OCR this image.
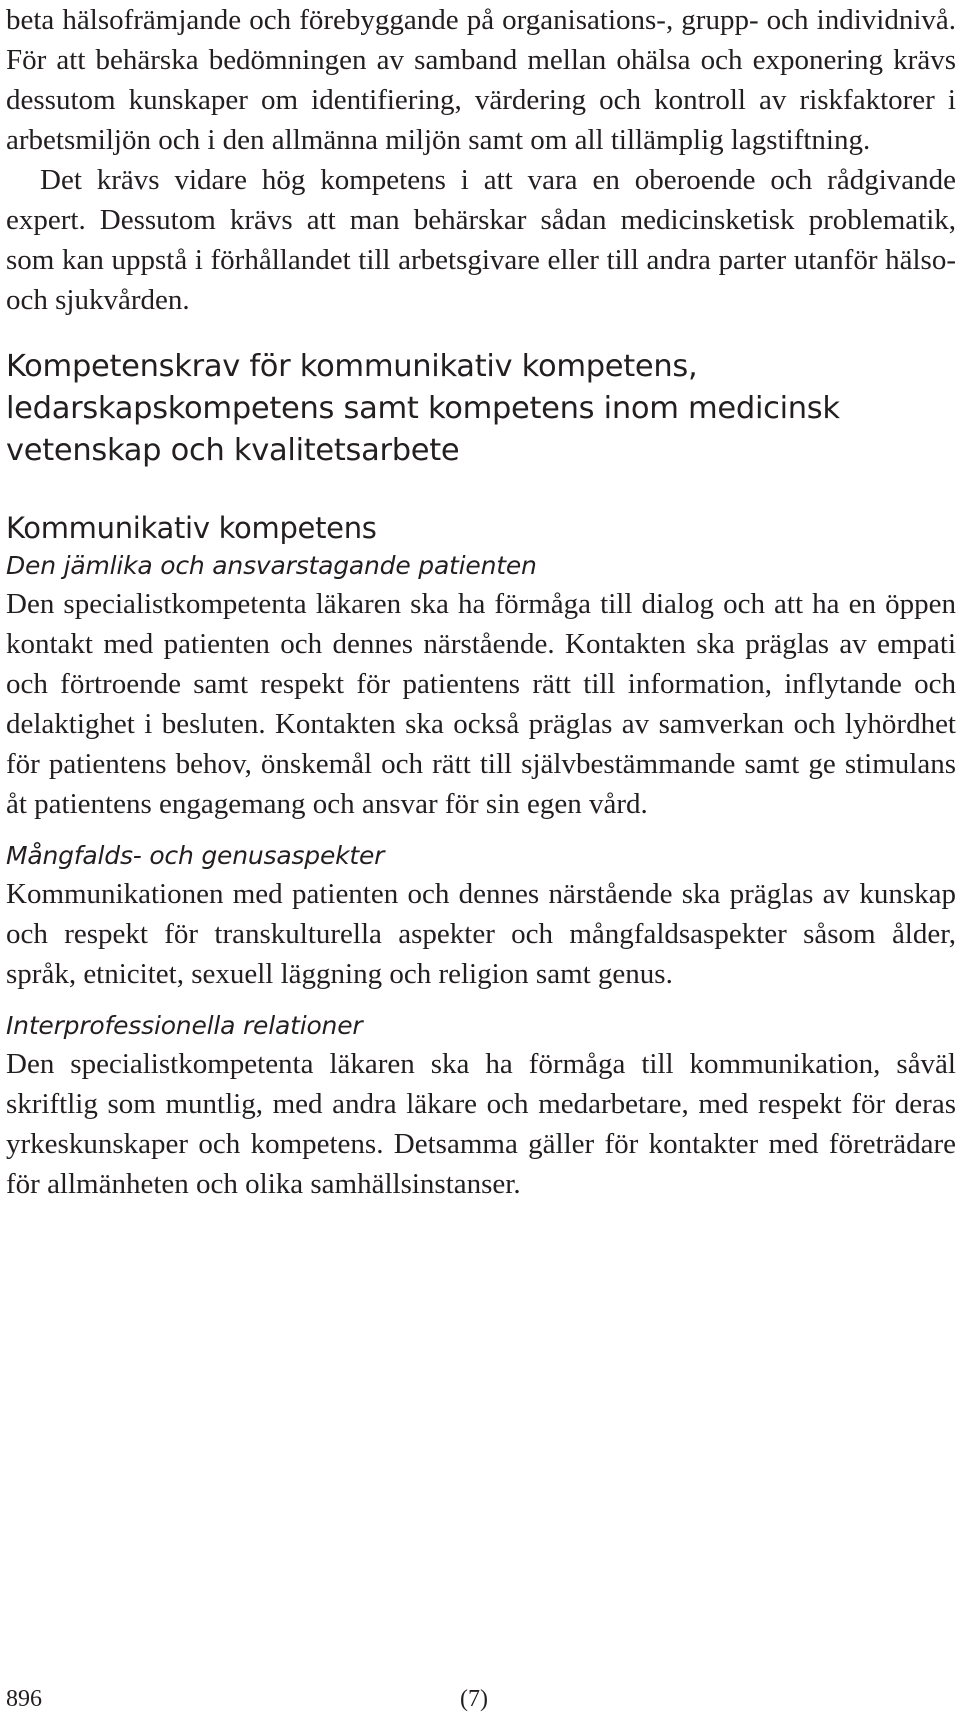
beta hälsofrämjande och förebyggande på organisations-, grupp- och individnivå. För att behärska bedömningen av samband mellan ohälsa och exponering krävs dessutom kunskaper om identifiering, värdering och kontroll av riskfaktorer i arbetsmiljön och i den allmänna miljön samt om all tillämplig lagstiftning.

Det krävs vidare hög kompetens i att vara en oberoende och rådgivande expert. Dessutom krävs att man behärskar sådan medicinsketisk problematik, som kan uppstå i förhållandet till arbetsgivare eller till andra parter utanför hälso- och sjukvården.

Kompetenskrav för kommunikativ kompetens, ledarskapskompetens samt kompetens inom medicinsk vetenskap och kvalitetsarbete
Kommunikativ kompetens
Den jämlika och ansvarstagande patienten

Den specialistkompetenta läkaren ska ha förmåga till dialog och att ha en öppen kontakt med patienten och dennes närstående. Kontakten ska präglas av empati och förtroende samt respekt för patientens rätt till information, inflytande och delaktighet i besluten. Kontakten ska också präglas av samverkan och lyhördhet för patientens behov, önskemål och rätt till självbestämmande samt ge stimulans åt patientens engagemang och ansvar för sin egen vård.

Mångfalds- och genusaspekter

Kommunikationen med patienten och dennes närstående ska präglas av kunskap och respekt för transkulturella aspekter och mångfaldsaspekter såsom ålder, språk, etnicitet, sexuell läggning och religion samt genus.

Interprofessionella relationer

Den specialistkompetenta läkaren ska ha förmåga till kommunikation, såväl skriftlig som muntlig, med andra läkare och medarbetare, med respekt för deras yrkeskunskaper och kompetens. Detsamma gäller för kontakter med företrädare för allmänheten och olika samhällsinstanser.

896	(7)
